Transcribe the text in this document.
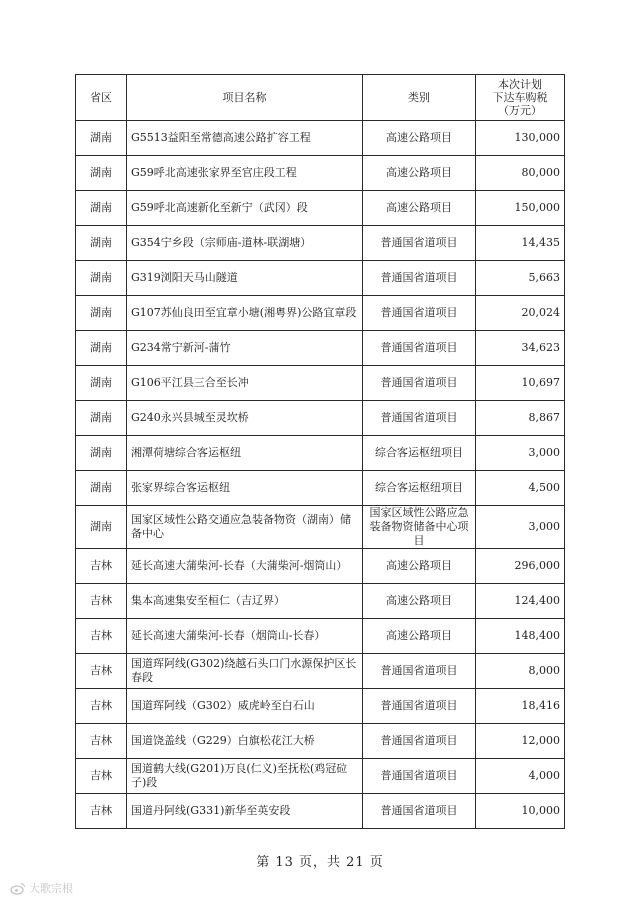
省区	项目名称	类别	本次计划
下达车购税
（万元）

湖南	G5513益阳至常德高速公路扩容工程	高速公路项目	130,000
湖南	G59呼北高速张家界至官庄段工程	高速公路项目	80,000
湖南	G59呼北高速新化至新宁（武冈）段	高速公路项目	150,000
湖南	G354宁乡段（宗师庙-道林-联湖塘）	普通国省道项目	14,435
湖南	G319浏阳天马山隧道	普通国省道项目	5,663
湖南	G107苏仙良田至宜章小塘(湘粤界)公路宜章段	普通国省道项目	20,024
湖南	G234常宁新河-蒲竹	普通国省道项目	34,623
湖南	G106平江县三合至长冲	普通国省道项目	10,697
湖南	G240永兴县城至灵坎桥	普通国省道项目	8,867
湖南	湘潭荷塘综合客运枢纽	综合客运枢纽项目	3,000
湖南	张家界综合客运枢纽	综合客运枢纽项目	4,500
湖南	国家区域性公路交通应急装备物资（湖南）储备中心	国家区域性公路应急装备物资储备中心项目	3,000
吉林	延长高速大蒲柴河-长春（大蒲柴河-烟筒山）	高速公路项目	296,000
吉林	集本高速集安至桓仁（吉辽界）	高速公路项目	124,400
吉林	延长高速大蒲柴河-长春（烟筒山-长春）	高速公路项目	148,400
吉林	国道珲阿线(G302)绕越石头口门水源保护区长春段	普通国省道项目	8,000
吉林	国道珲阿线（G302）威虎岭至白石山	普通国省道项目	18,416
吉林	国道饶盖线（G229）白旗松花江大桥	普通国省道项目	12,000
吉林	国道鹤大线(G201)万良(仁义)至抚松(鸡冠砬子)段	普通国省道项目	4,000
吉林	国道丹阿线(G331)新华至英安段	普通国省道项目	10,000
第 13 页，共 21 页
大歌宗根
